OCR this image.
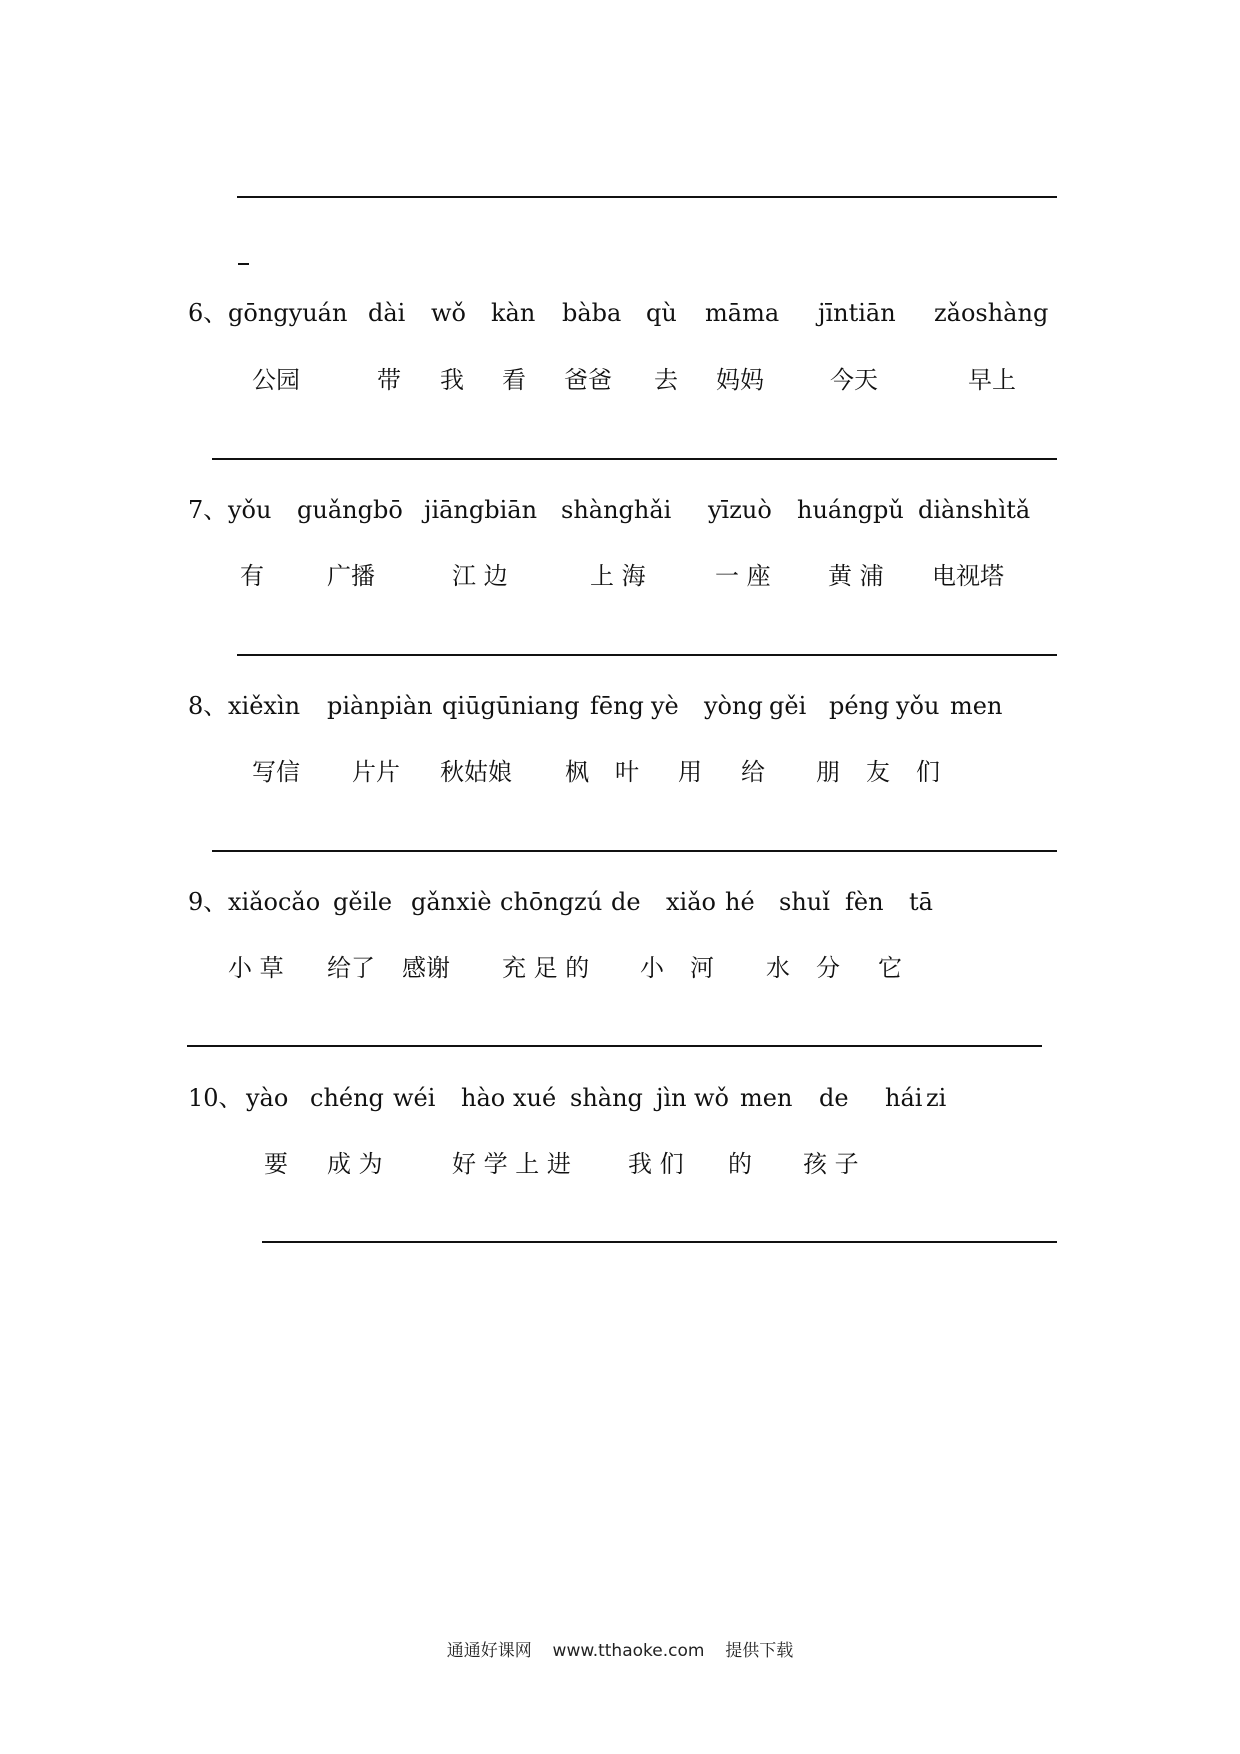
6、 gōngyuán dài wǒ kàn bàba qù māma jīntiān zǎoshàng
公园	带 我 看 爸爸 去 妈妈	今天	早上
7、 yǒu guǎngbō jiāngbiān shànghǎi yīzuò huángpǔ diànshìtǎ
有	广播	江 边	上 海	一 座 黄 浦 电视塔
8、 xiěxìn piànpiàn qiūgūniang fēng yè yòng gěi péng yǒu men
写信 片片 秋姑娘 枫 叶 用 给 朋 友 们
9、 xiǎocǎo gěile gǎnxiè chōngzú de xiǎo hé shuǐ fèn tā
小 草 给了 感谢 充 足 的 小 河 水 分 它
10、 yào chéng wéi hào xué shàng jìn wǒ men de hái zi
要 成 为	好 学 上 进 我 们 的 孩 子
通通好课网 www.tthaoke.com 提供下载
